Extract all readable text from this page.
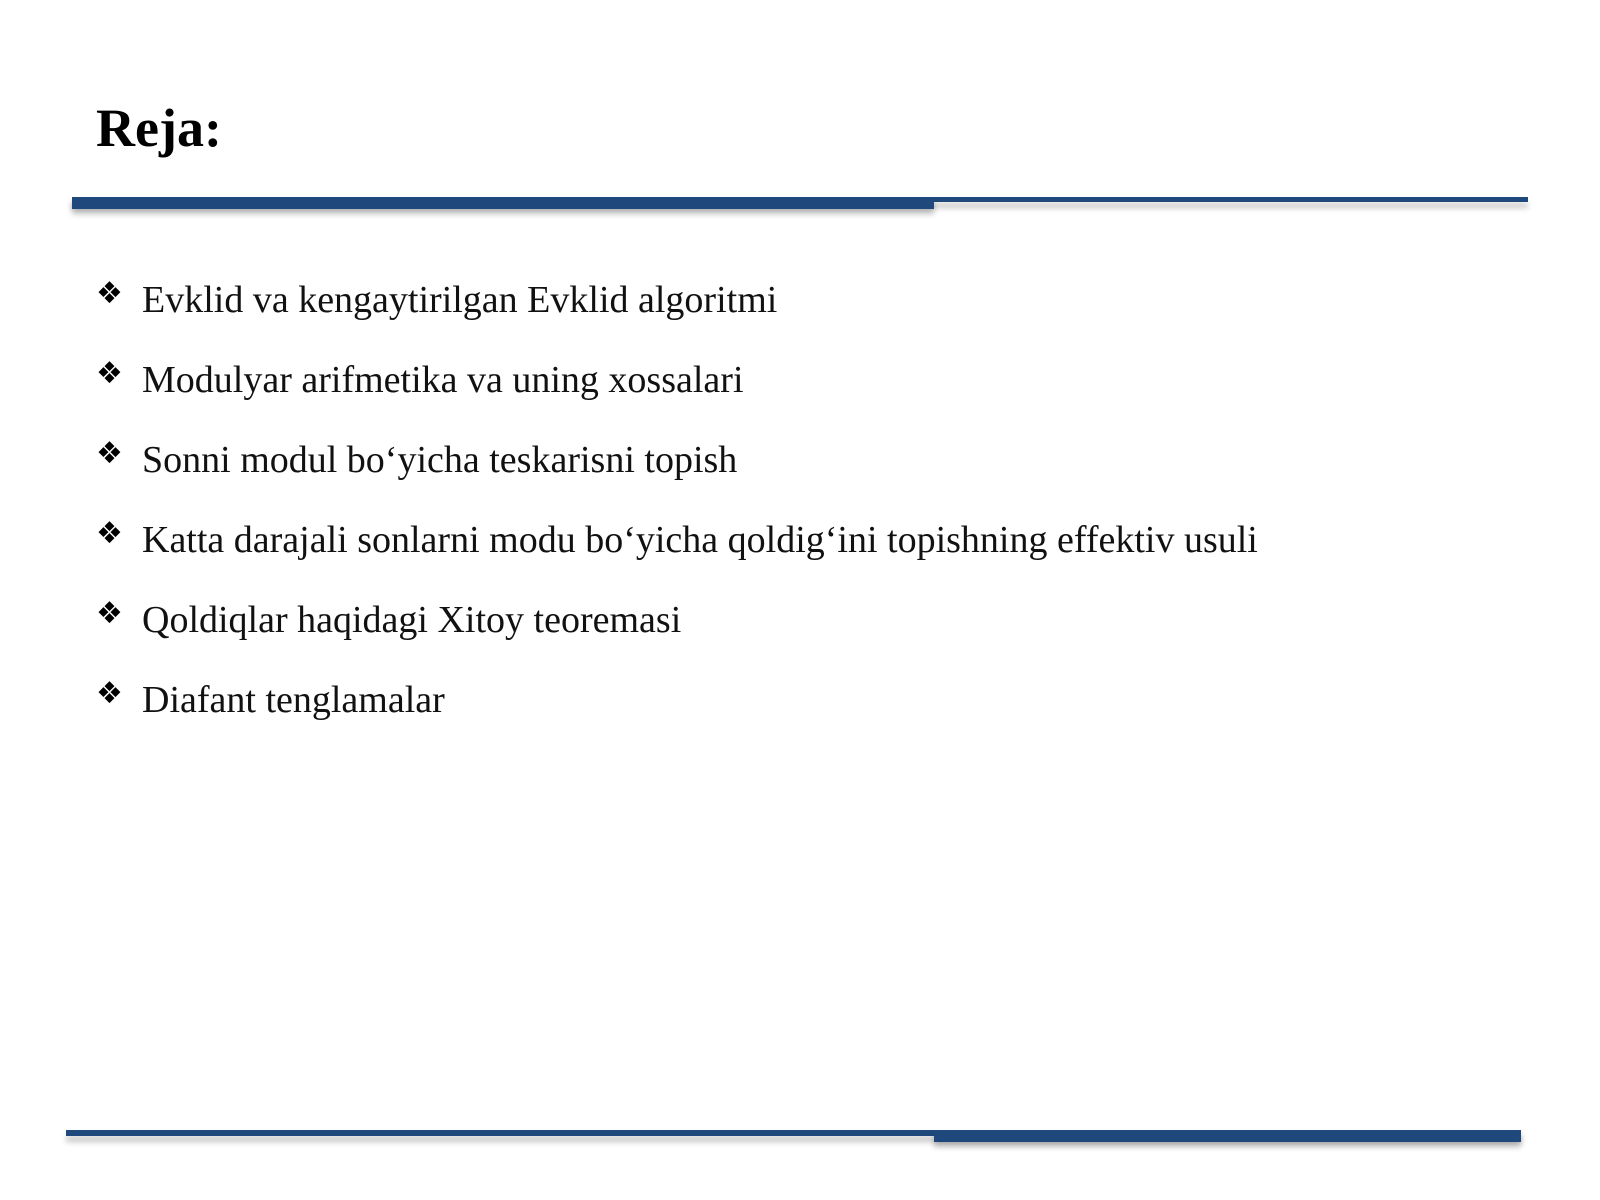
Reja:
❖ Evklid va kengaytirilgan Evklid algoritmi
❖ Modulyar arifmetika va uning xossalari
❖ Sonni modul bo‘yicha teskarisni topish
❖ Katta darajali sonlarni modu bo‘yicha qoldig‘ini topishning effektiv usuli
❖ Qoldiqlar haqidagi Xitoy teoremasi
❖ Diafant tenglamalar
